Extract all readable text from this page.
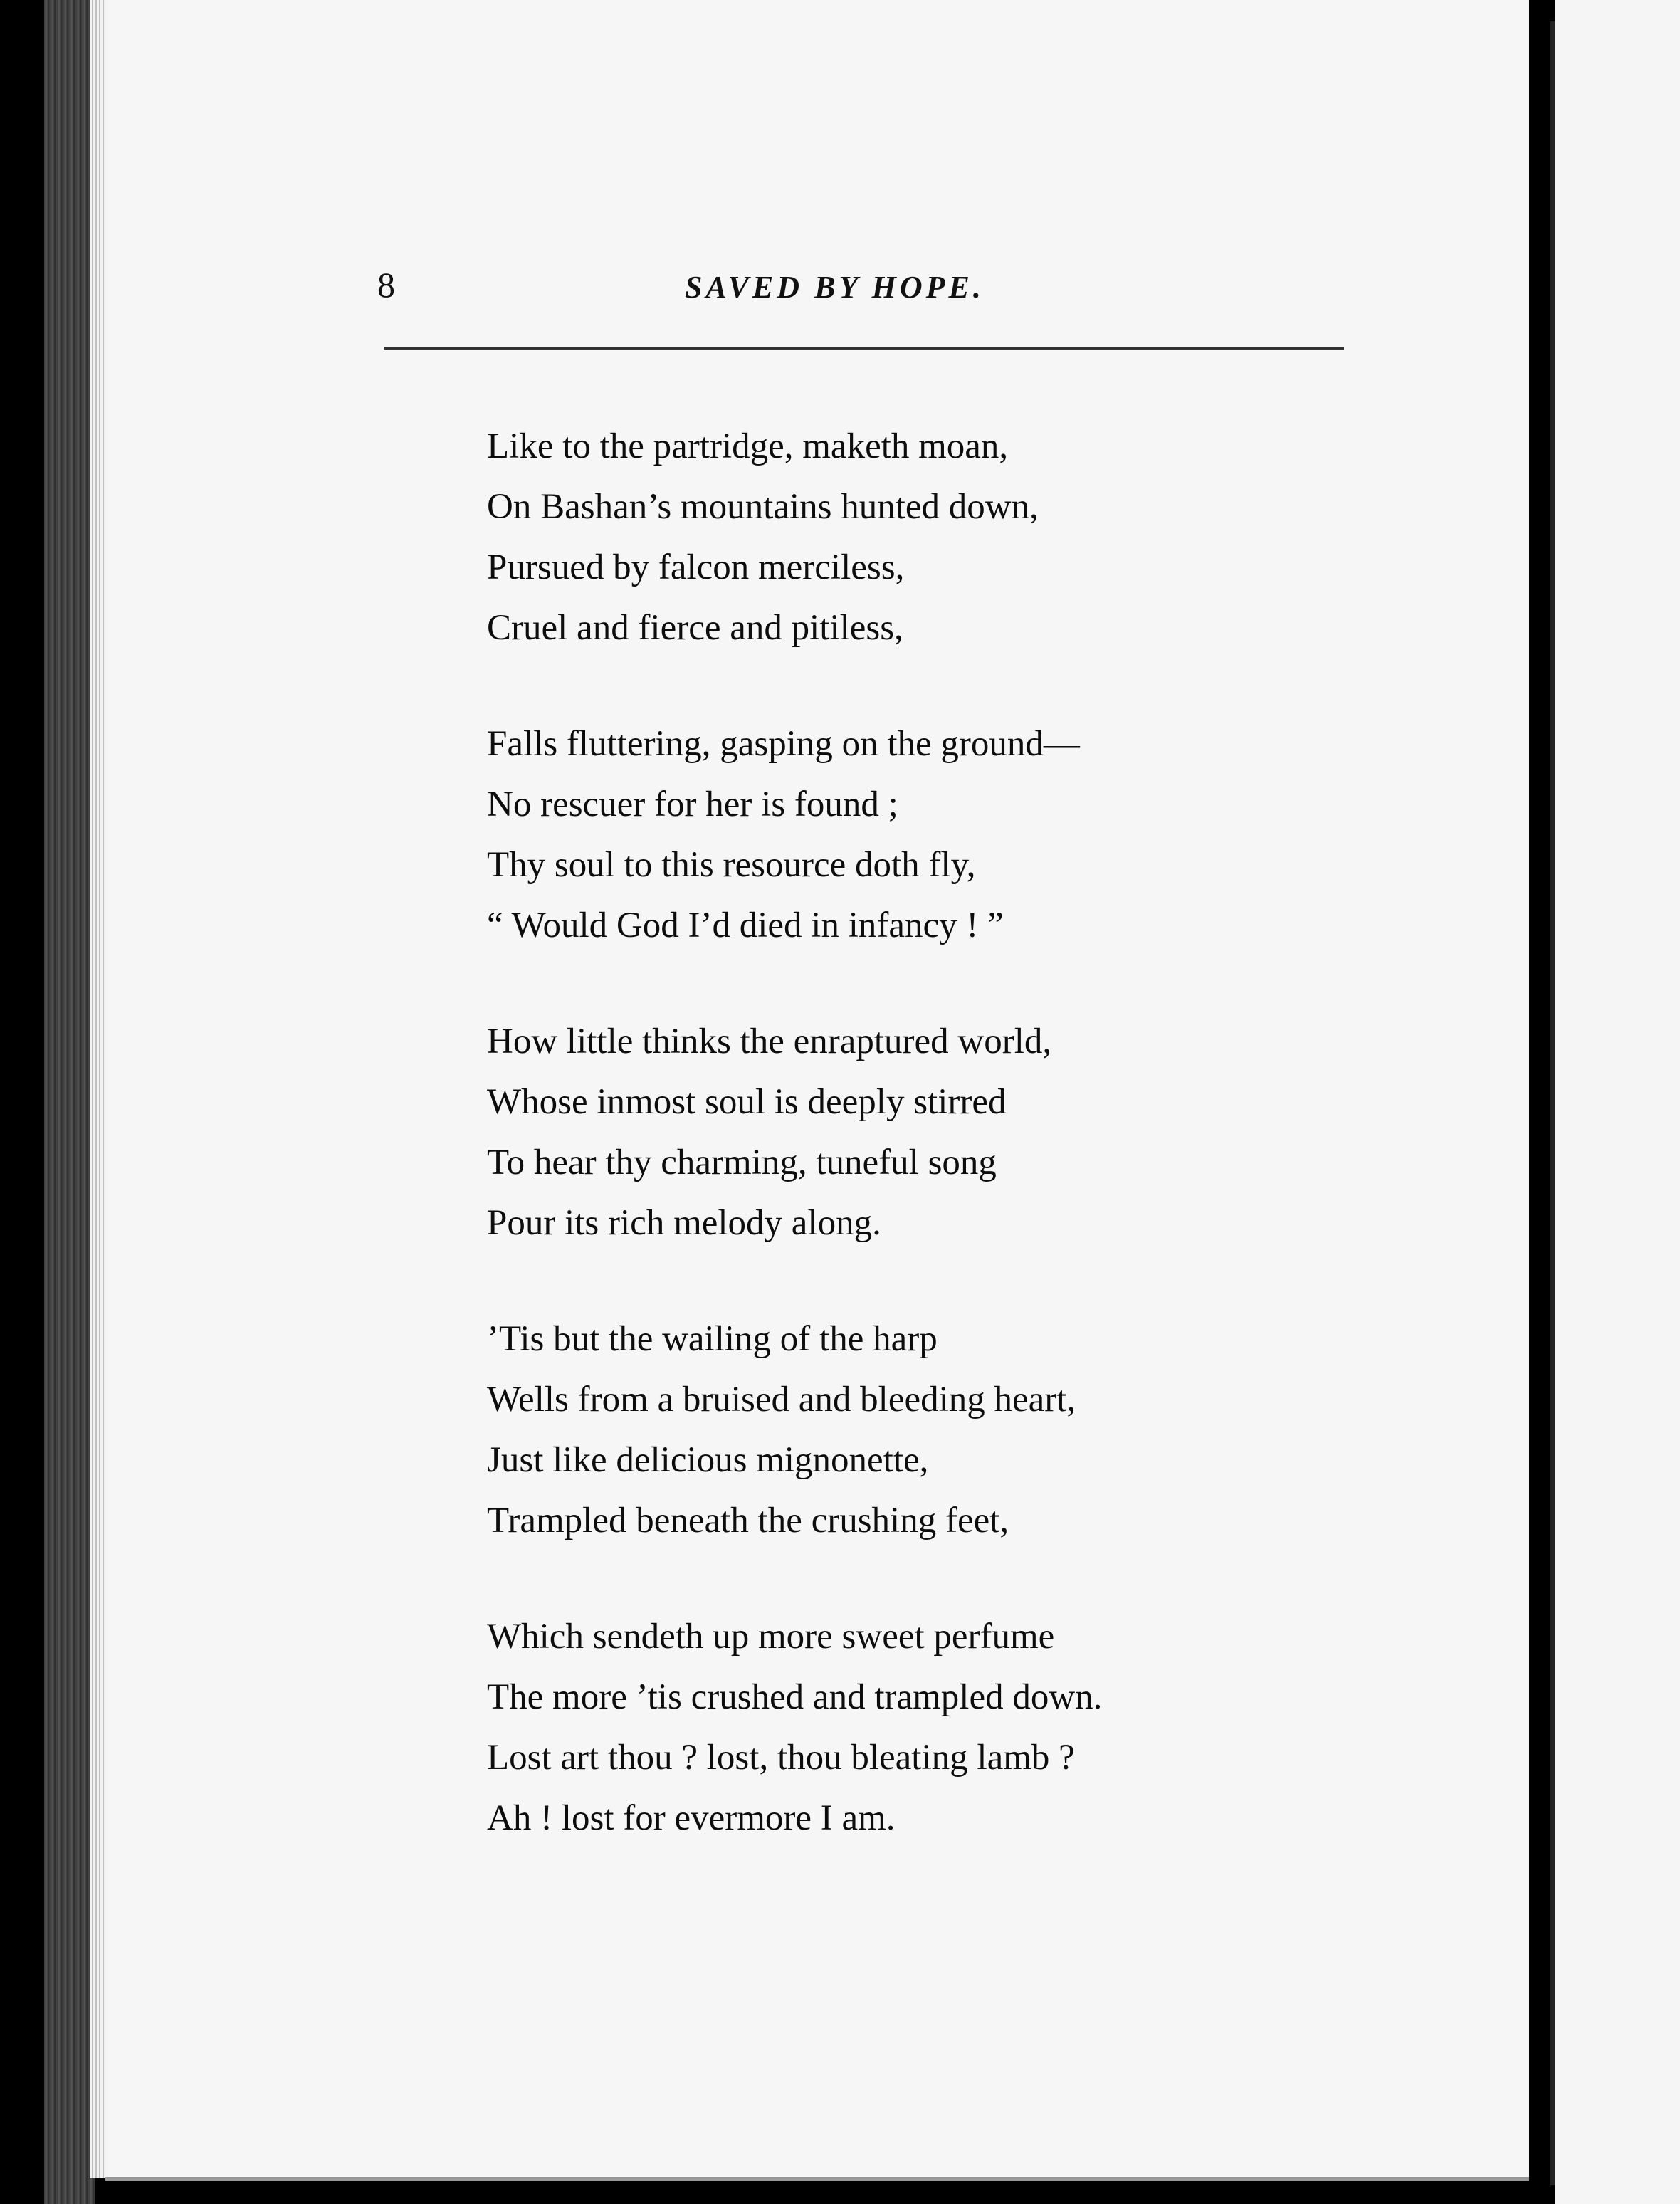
8	SAVED BY HOPE.
Like to the partridge, maketh moan,
On Bashan’s mountains hunted down,
Pursued by falcon merciless,
Cruel and fierce and pitiless,
Falls fluttering, gasping on the ground—
No rescuer for her is found ;
Thy soul to this resource doth fly,
“ Would God I’d died in infancy ! ”
How little thinks the enraptured world,
Whose inmost soul is deeply stirred
To hear thy charming, tuneful song
Pour its rich melody along.
’Tis but the wailing of the harp
Wells from a bruised and bleeding heart,
Just like delicious mignonette,
Trampled beneath the crushing feet,
Which sendeth up more sweet perfume
The more ’tis crushed and trampled down.
Lost art thou ? lost, thou bleating lamb ?
Ah ! lost for evermore I am.
